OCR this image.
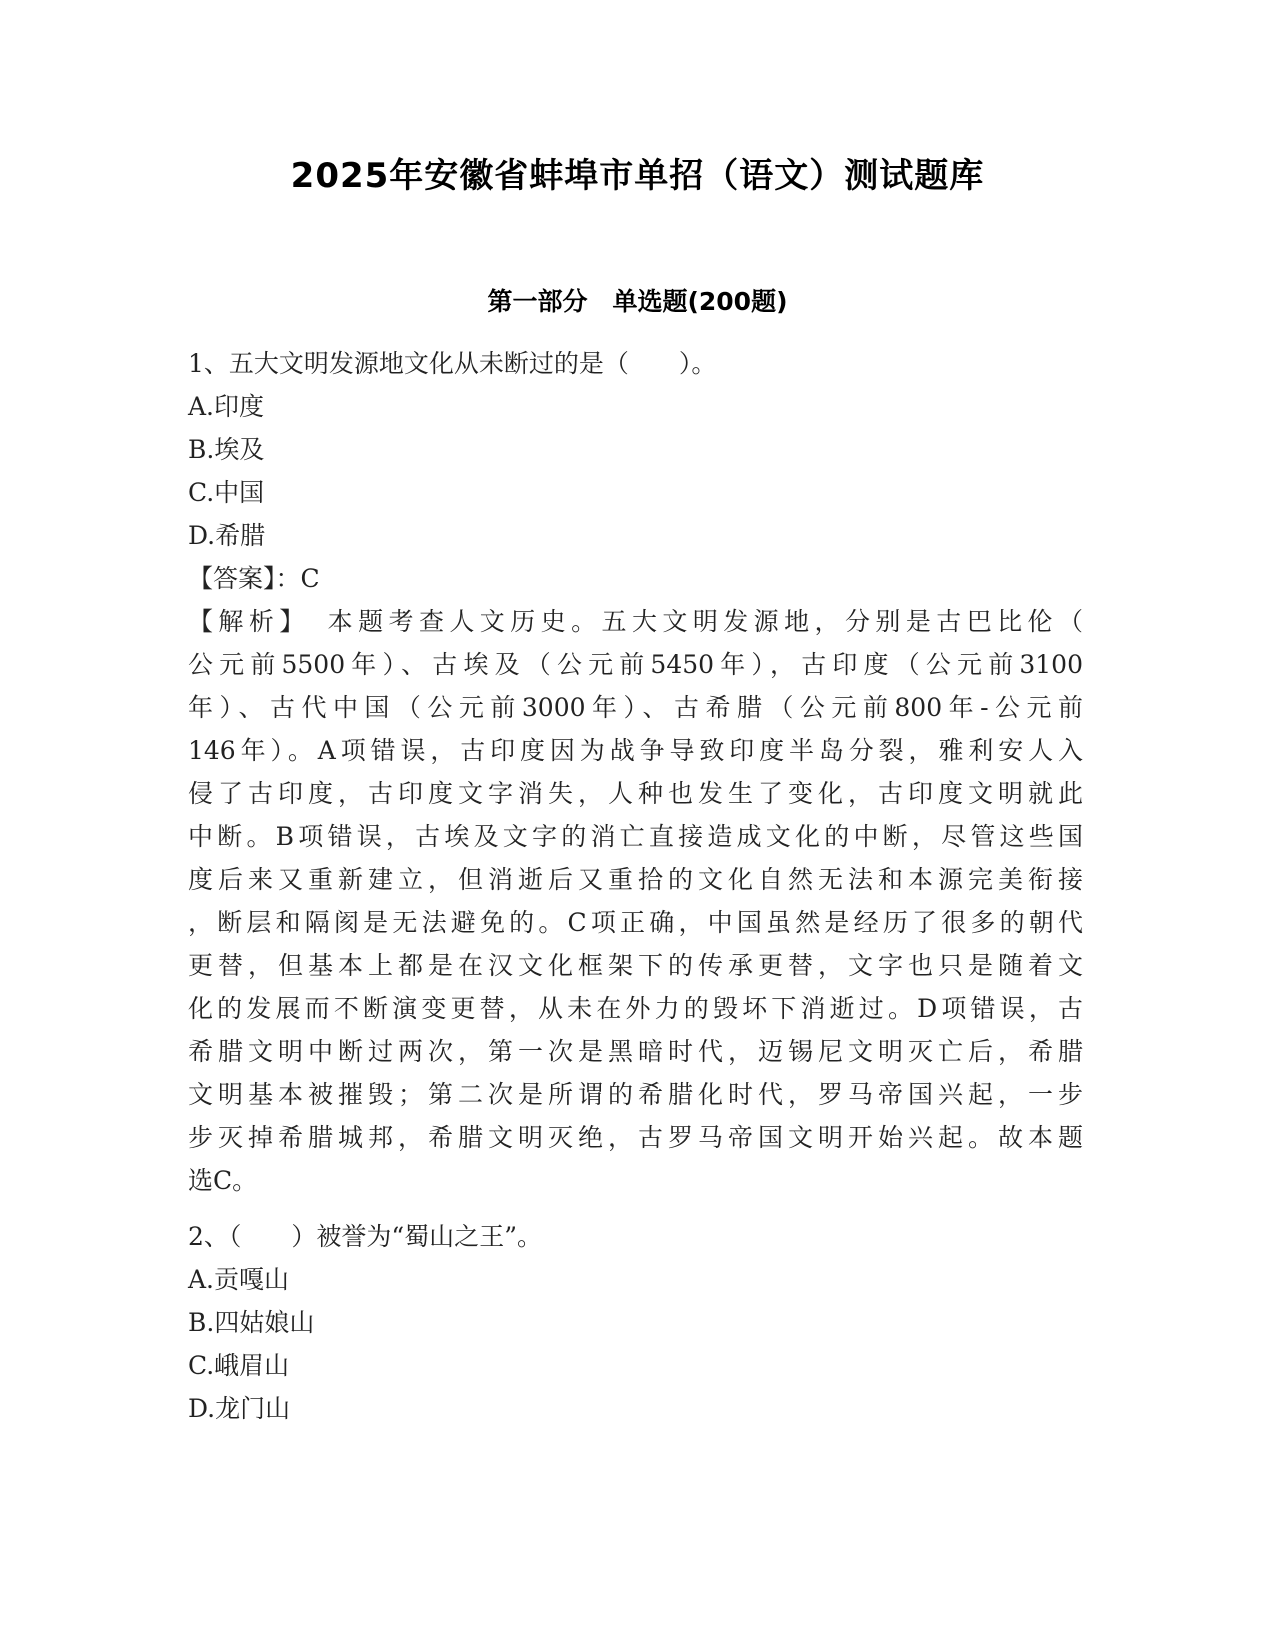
2025年安徽省蚌埠市单招（语文）测试题库
第一部分　单选题(200题)
1、五大文明发源地文化从未断过的是（　　）。
A.印度
B.埃及
C.中国
D.希腊
【答案】：C
【解析】　本题考查人文历史。五大文明发源地，分别是古巴比伦（
公元前5500年）、古埃及（公元前5450年），古印度（公元前3100
年）、古代中国（公元前3000年）、古希腊（公元前800年-公元前
146年）。A项错误，古印度因为战争导致印度半岛分裂，雅利安人入
侵了古印度，古印度文字消失，人种也发生了变化，古印度文明就此
中断。B项错误，古埃及文字的消亡直接造成文化的中断，尽管这些国
度后来又重新建立，但消逝后又重拾的文化自然无法和本源完美衔接
，断层和隔阂是无法避免的。C项正确，中国虽然是经历了很多的朝代
更替，但基本上都是在汉文化框架下的传承更替，文字也只是随着文
化的发展而不断演变更替，从未在外力的毁坏下消逝过。D项错误，古
希腊文明中断过两次，第一次是黑暗时代，迈锡尼文明灭亡后，希腊
文明基本被摧毁；第二次是所谓的希腊化时代，罗马帝国兴起，一步
步灭掉希腊城邦，希腊文明灭绝，古罗马帝国文明开始兴起。故本题
选C。
2、（　　）被誉为“蜀山之王”。
A.贡嘎山
B.四姑娘山
C.峨眉山
D.龙门山
